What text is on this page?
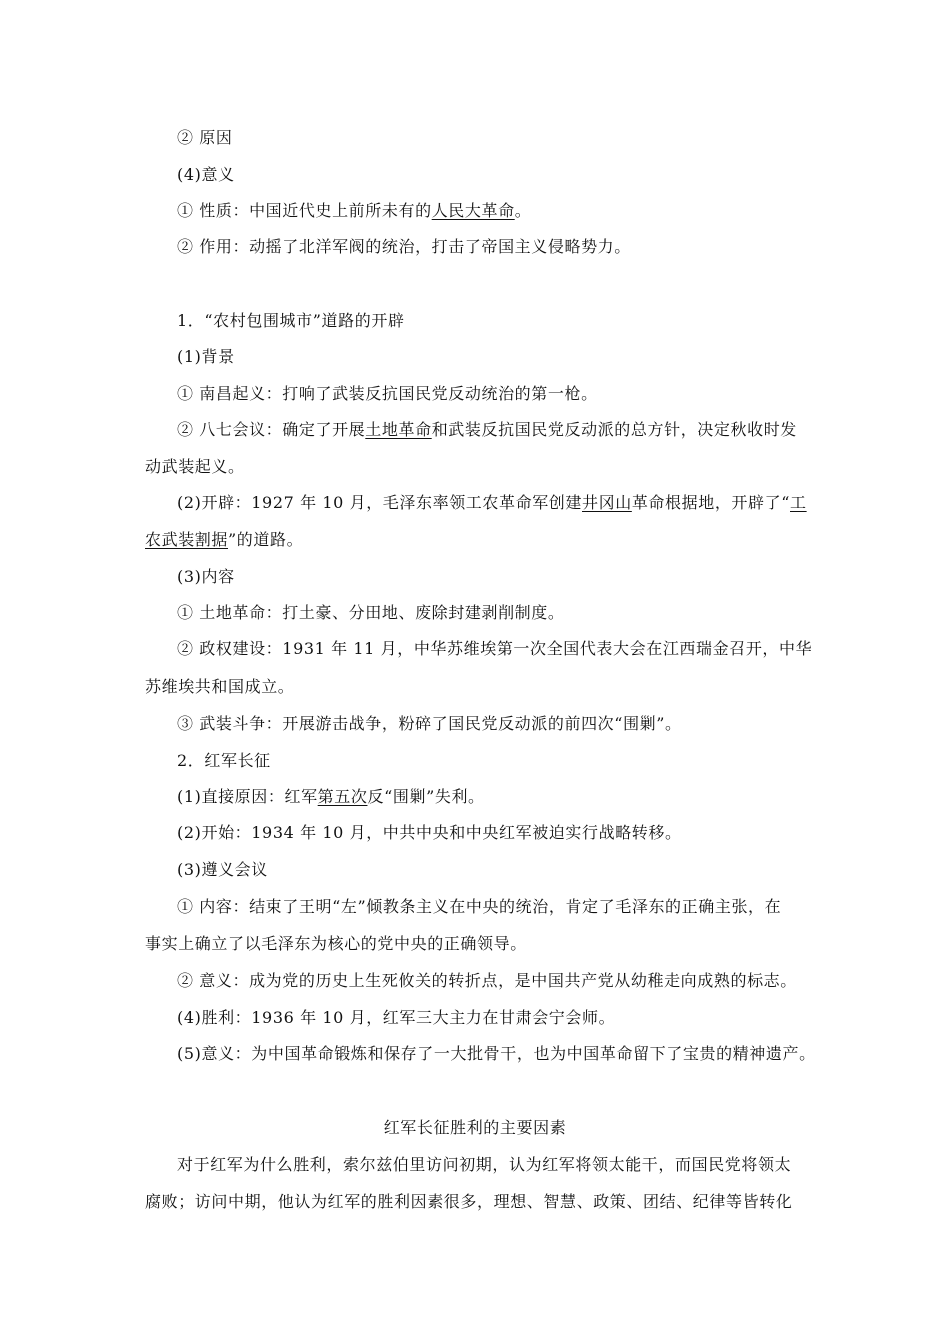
② 原因
(4)意义
① 性质：中国近代史上前所未有的人民大革命。
② 作用：动摇了北洋军阀的统治，打击了帝国主义侵略势力。
1．“农村包围城市”道路的开辟
(1)背景
① 南昌起义：打响了武装反抗国民党反动统治的第一枪。
② 八七会议：确定了开展土地革命和武装反抗国民党反动派的总方针，决定秋收时发
动武装起义。
(2)开辟：1927 年 10 月，毛泽东率领工农革命军创建井冈山革命根据地，开辟了“工
农武装割据”的道路。
(3)内容
① 土地革命：打土豪、分田地、废除封建剥削制度。
② 政权建设：1931 年 11 月，中华苏维埃第一次全国代表大会在江西瑞金召开，中华
苏维埃共和国成立。
③ 武装斗争：开展游击战争，粉碎了国民党反动派的前四次“围剿”。
2．红军长征
(1)直接原因：红军第五次反“围剿”失利。
(2)开始：1934 年 10 月，中共中央和中央红军被迫实行战略转移。
(3)遵义会议
① 内容：结束了王明“左”倾教条主义在中央的统治，肯定了毛泽东的正确主张，在
事实上确立了以毛泽东为核心的党中央的正确领导。
② 意义：成为党的历史上生死攸关的转折点，是中国共产党从幼稚走向成熟的标志。
(4)胜利：1936 年 10 月，红军三大主力在甘肃会宁会师。
(5)意义：为中国革命锻炼和保存了一大批骨干，也为中国革命留下了宝贵的精神遗产。
红军长征胜利的主要因素
对于红军为什么胜利，索尔兹伯里访问初期，认为红军将领太能干，而国民党将领太
腐败；访问中期，他认为红军的胜利因素很多，理想、智慧、政策、团结、纪律等皆转化
